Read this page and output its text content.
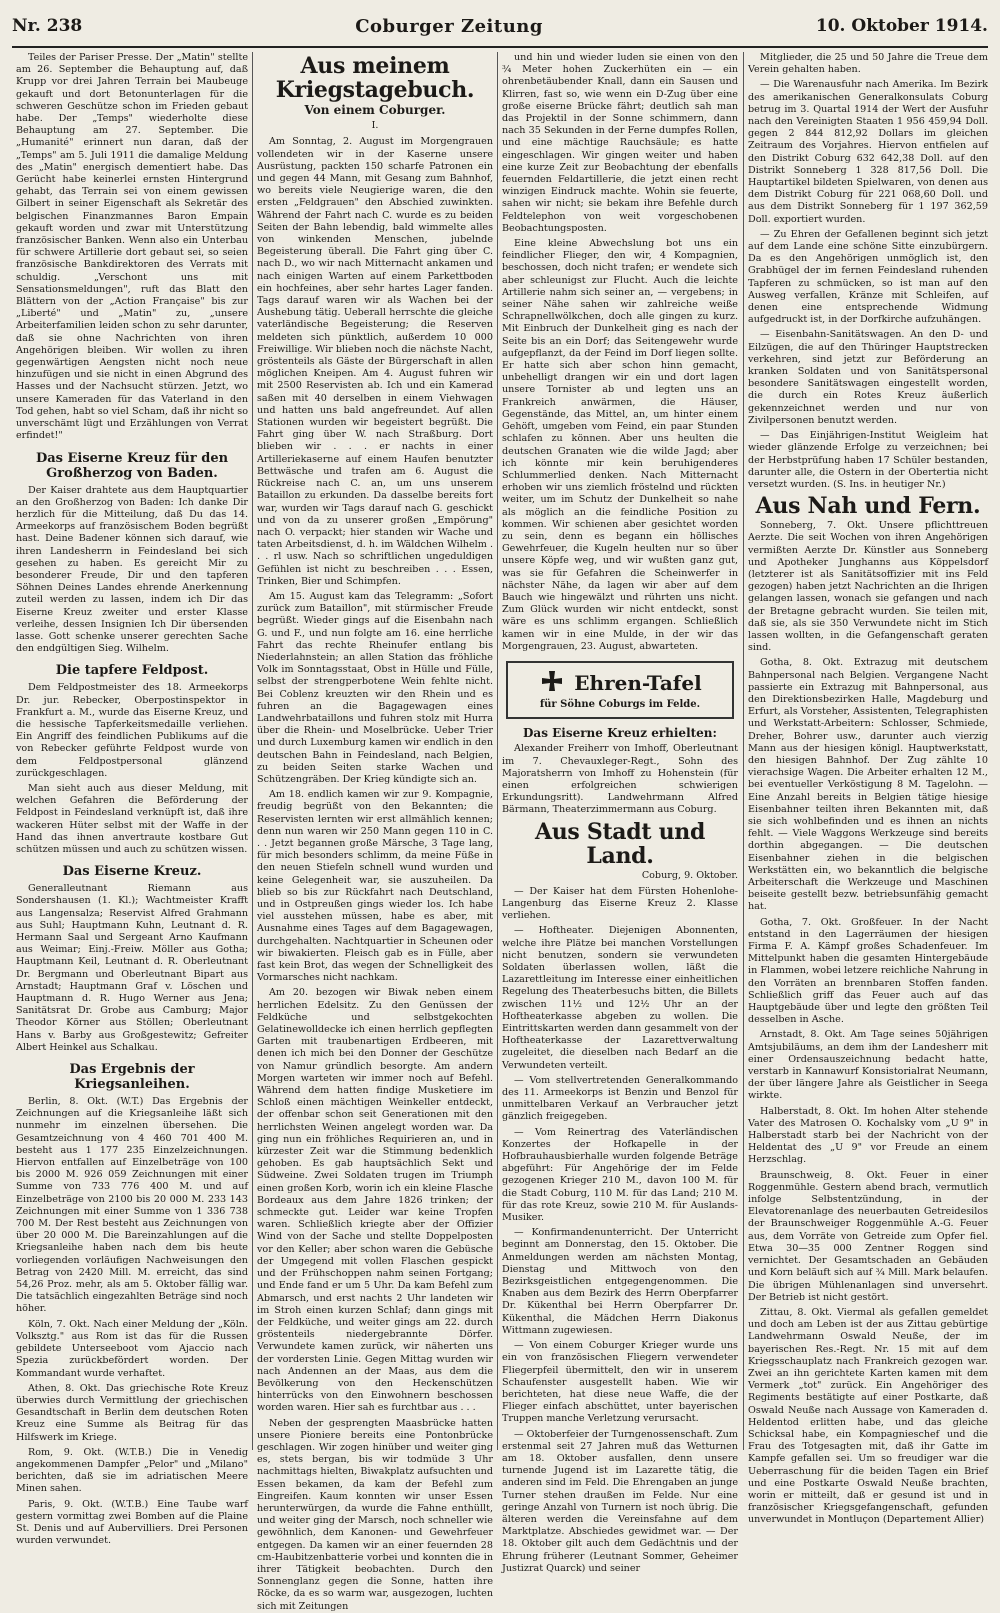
Nr. 238	Coburger Zeitung	10. Oktober 1914.

Teiles der Pariser Presse. Der „Matin" stellte am 26. September die Behauptung auf, daß Krupp vor drei Jahren Terrain bei Maubeuge gekauft und dort Betonunterlagen für die schweren Geschütze schon im Frieden gebaut habe. Der „Temps" wiederholte diese Behauptung am 27. September. Die „Humanité" erinnert nun daran, daß der „Temps" am 5. Juli 1911 die damalige Meldung des „Matin" energisch dementiert habe. Das Gerücht habe keinerlei ernsten Hintergrund gehabt, das Terrain sei von einem gewissen Gilbert in seiner Eigenschaft als Sekretär des belgischen Finanzmannes Baron Empain gekauft worden und zwar mit Unterstützung französischer Banken. Wenn also ein Unterbau für schwere Artillerie dort gebaut sei, so seien französische Bankdirektoren des Verrats mit schuldig. „Verschont uns mit Sensationsmeldungen", ruft das Blatt den Blättern von der „Action Française" bis zur „Liberté" und „Matin" zu, „unsere Arbeiterfamilien leiden schon zu sehr darunter, daß sie ohne Nachrichten von ihren Angehörigen bleiben. Wir wollen zu ihren gegenwärtigen Aengsten nicht noch neue hinzufügen und sie nicht in einen Abgrund des Hasses und der Nachsucht stürzen. Jetzt, wo unsere Kameraden für das Vaterland in den Tod gehen, habt so viel Scham, daß ihr nicht so unverschämt lügt und Erzählungen von Verrat erfindet!"

Das Eiserne Kreuz für den Großherzog von Baden.

Der Kaiser drahtete aus dem Hauptquartier an den Großherzog von Baden: Ich danke Dir herzlich für die Mitteilung, daß Du das 14. Armeekorps auf französischem Boden begrüßt hast. Deine Badener können sich darauf, wie ihren Landesherrn in Feindesland bei sich gesehen zu haben. Es gereicht Mir zu besonderer Freude, Dir und den tapferen Söhnen Deines Landes ehrende Anerkennung zuteil werden zu lassen, indem ich Dir das Eiserne Kreuz zweiter und erster Klasse verleihe, dessen Insignien Ich Dir übersenden lasse. Gott schenke unserer gerechten Sache den endgültigen Sieg. Wilhelm.

Die tapfere Feldpost.

Dem Feldpostmeister des 18. Armeekorps Dr. jur. Rebecker, Oberpostinspektor in Frankfurt a. M., wurde das Eiserne Kreuz, und die hessische Tapferkeitsmedaille verliehen. Ein Angriff des feindlichen Publikums auf die von Rebecker geführte Feldpost wurde von dem Feldpostpersonal glänzend zurückgeschlagen.

Man sieht auch aus dieser Meldung, mit welchen Gefahren die Beförderung der Feldpost in Feindesland verknüpft ist, daß ihre wackeren Hüter selbst mit der Waffe in der Hand das ihnen anvertraute kostbare Gut schützen müssen und auch zu schützen wissen.

Das Eiserne Kreuz.

Generalleutnant Riemann aus Sondershausen (1. Kl.); Wachtmeister Krafft aus Langensalza; Reservist Alfred Grahmann aus Suhl; Hauptmann Kuhn, Leutnant d. R. Hermann Saal und Sergeant Arno Kaufmann aus Weimar; Einj.-Freiw. Möller aus Gotha; Hauptmann Keil, Leutnant d. R. Oberleutnant Dr. Bergmann und Oberleutnant Bipart aus Arnstadt; Hauptmann Graf v. Löschen und Hauptmann d. R. Hugo Werner aus Jena; Sanitätsrat Dr. Grobe aus Camburg; Major Theodor Körner aus Stöllen; Oberleutnant Hans v. Barby aus Großgestewitz; Gefreiter Albert Heinkel aus Schalkau.

Das Ergebnis der Kriegsanleihen.

Berlin, 8. Okt. (W.T.) Das Ergebnis der Zeichnungen auf die Kriegsanleihe läßt sich nunmehr im einzelnen übersehen. Die Gesamtzeichnung von 4 460 701 400 M. besteht aus 1 177 235 Einzelzeichnungen. Hiervon entfallen auf Einzelbeträge von 100 bis 2000 M. 926 059 Zeichnungen mit einer Summe von 733 776 400 M. und auf Einzelbeträge von 2100 bis 20 000 M. 233 143 Zeichnungen mit einer Summe von 1 336 738 700 M. Der Rest besteht aus Zeichnungen von über 20 000 M. Die Bareinzahlungen auf die Kriegsanleihe haben nach dem bis heute vorliegenden vorläufigen Nachweisungen den Betrag von 2420 Mill. M. erreicht, das sind 54,26 Proz. mehr, als am 5. Oktober fällig war. Die tatsächlich eingezahlten Beträge sind noch höher.

Köln, 7. Okt. Nach einer Meldung der „Köln. Volksztg." aus Rom ist das für die Russen gebildete Unterseeboot vom Ajaccio nach Spezia zurückbefördert worden. Der Kommandant wurde verhaftet.

Athen, 8. Okt. Das griechische Rote Kreuz überwies durch Vermittlung der griechischen Gesandtschaft in Berlin dem deutschen Roten Kreuz eine Summe als Beitrag für das Hilfswerk im Kriege.

Rom, 9. Okt. (W.T.B.) Die in Venedig angekommenen Dampfer „Pelor" und „Milano" berichten, daß sie im adriatischen Meere Minen sahen.

Paris, 9. Okt. (W.T.B.) Eine Taube warf gestern vormittag zwei Bomben auf die Plaine St. Denis und auf Aubervilliers. Drei Personen wurden verwundet.

Aus meinem Kriegstagebuch.
Von einem Coburger.
I.

Am Sonntag, 2. August im Morgengrauen vollendeten wir in der Kaserne unsere Ausrüstung, packten 150 scharfe Patronen ein und gegen 44 Mann, mit Gesang zum Bahnhof, wo bereits viele Neugierige waren, die den ersten „Feldgrauen" den Abschied zuwinkten. Während der Fahrt nach C. wurde es zu beiden Seiten der Bahn lebendig, bald wimmelte alles von winkenden Menschen, jubelnde Begeisterung überall. Die Fahrt ging über C. nach D., wo wir nach Mitternacht ankamen und nach einigen Warten auf einem Parkettboden ein hochfeines, aber sehr hartes Lager fanden. Tags darauf waren wir als Wachen bei der Aushebung tätig. Ueberall herrschte die gleiche vaterländische Begeisterung; die Reserven meldeten sich pünktlich, außerdem 10 000 Freiwillige. Wir blieben noch die nächste Nacht, gröstenteils als Gäste der Bürgerschaft in allen möglichen Kneipen. Am 4. August fuhren wir mit 2500 Reservisten ab. Ich und ein Kamerad saßen mit 40 derselben in einem Viehwagen und hatten uns bald angefreundet. Auf allen Stationen wurden wir begeistert begrüßt. Die Fahrt ging über W. nach Straßburg. Dort blieben wir . . . er nachts in einer Artilleriekaserne auf einem Haufen benutzter Bettwäsche und trafen am 6. August die Rückreise nach C. an, um uns unserem Bataillon zu erkunden. Da dasselbe bereits fort war, wurden wir Tags darauf nach G. geschickt und von da zu unserer großen „Empörung" nach O. verpackt; hier standen wir Wache und taten Arbeitsdienst, d. h. im Wäldchen Wilhelm . . . rl usw. Nach so schriftlichen ungeduldigen Gefühlen ist nicht zu beschreiben . . . Essen, Trinken, Bier und Schimpfen.

Am 15. August kam das Telegramm: „Sofort zurück zum Bataillon", mit stürmischer Freude begrüßt. Wieder gings auf die Eisenbahn nach G. und F., und nun folgte am 16. eine herrliche Fahrt das rechte Rheinufer entlang bis Niederlahnstein; an allen Station das fröhliche Volk im Sonntagsstaat, Obst in Hülle und Fülle, selbst der strengperbotene Wein fehlte nicht. Bei Coblenz kreuzten wir den Rhein und es fuhren an die Bagagewagen eines Landwehrbataillons und fuhren stolz mit Hurra über die Rhein- und Moselbrücke. Ueber Trier und durch Luxemburg kamen wir endlich in den deutschen Bahn in Feindesland, nach Belgien, zu beiden Seiten starke Wachen und Schützengräben. Der Krieg kündigte sich an.

Am 18. endlich kamen wir zur 9. Kompagnie, freudig begrüßt von den Bekannten; die Reservisten lernten wir erst allmählich kennen; denn nun waren wir 250 Mann gegen 110 in C. . . Jetzt begannen große Märsche, 3 Tage lang, für mich besonders schlimm, da meine Füße in den neuen Stiefeln schnell wund wurden und keine Gelegenheit war, sie auszuheilen. Da blieb so bis zur Rückfahrt nach Deutschland, und in Ostpreußen gings wieder los. Ich habe viel ausstehen müssen, habe es aber, mit Ausnahme eines Tages auf dem Bagagewagen, durchgehalten. Nachtquartier in Scheunen oder wir biwakierten. Fleisch gab es in Fülle, aber fast kein Brot, das wegen der Schnelligkeit des Vormarsches nicht nachkam.

Am 20. bezogen wir Biwak neben einem herrlichen Edelsitz. Zu den Genüssen der Feldküche und selbstgekochten Gelatinewolldecke ich einen herrlich gepflegten Garten mit traubenartigen Erdbeeren, mit denen ich mich bei den Donner der Geschütze von Namur gründlich besorgte. Am andern Morgen warteten wir immer noch auf Befehl. Während dem hatten findige Musketiere im Schloß einen mächtigen Weinkeller entdeckt, der offenbar schon seit Generationen mit den herrlichsten Weinen angelegt worden war. Da ging nun ein fröhliches Requirieren an, und in kürzester Zeit war die Stimmung bedenklich gehoben. Es gab hauptsächlich Sekt und Südweine. Zwei Soldaten trugen im Triumph einen großen Korb, worin ich ein kleine Flasche Bordeaux aus dem Jahre 1826 trinken; der schmeckte gut. Leider war keine Tropfen waren. Schließlich kriegte aber der Offizier Wind von der Sache und stellte Doppelposten vor den Keller; aber schon waren die Gebüsche der Umgegend mit vollen Flaschen gespickt und der Frühschoppen nahm seinen Fortgang; und Ende fand er um 5 Uhr. Da kam Befehl zum Abmarsch, und erst nachts 2 Uhr landeten wir im Stroh einen kurzen Schlaf; dann gings mit der Feldküche, und weiter gings am 22. durch gröstenteils niedergebrannte Dörfer. Verwundete kamen zurück, wir näherten uns der vordersten Linie. Gegen Mittag wurden wir nach Andennen an der Maas, aus dem die Bevölkerung von den Heckenschützen hinterrücks von den Einwohnern beschossen worden waren. Hier sah es furchtbar aus . . .

Neben der gesprengten Maasbrücke hatten unsere Pioniere bereits eine Pontonbrücke geschlagen. Wir zogen hinüber und weiter ging es, stets bergan, bis wir todmüde 3 Uhr nachmittags hielten, Biwakplatz aufsuchten und Essen bekamen, da kam der Befehl zum Eingreifen. Kaum konnten wir unser Essen herunterwürgen, da wurde die Fahne enthüllt, und weiter ging der Marsch, noch schneller wie gewöhnlich, dem Kanonen- und Gewehrfeuer entgegen. Da kamen wir an einer feuernden 28 cm-Haubitzenbatterie vorbei und konnten die in ihrer Tätigkeit beobachten. Durch den Sonnenglanz gegen die Sonne, hatten ihre Röcke, da es so warm war, ausgezogen, luchten sich mit Zeitungen

und hin und wieder luden sie einen von den ¾ Meter hohen Zuckerhüten ein — ein ohrenbetäubender Knall, dann ein Sausen und Klirren, fast so, wie wenn ein D-Zug über eine große eiserne Brücke fährt; deutlich sah man das Projektil in der Sonne schimmern, dann nach 35 Sekunden in der Ferne dumpfes Rollen, und eine mächtige Rauchsäule; es hatte eingeschlagen. Wir gingen weiter und haben eine kurze Zeit zur Beobachtung der ebenfalls feuernden Feldartillerie, die jetzt einen recht winzigen Eindruck machte. Wohin sie feuerte, sahen wir nicht; sie bekam ihre Befehle durch Feldtelephon von weit vorgeschobenen Beobachtungsposten.

Eine kleine Abwechslung bot uns ein feindlicher Flieger, den wir, 4 Kompagnien, beschossen, doch nicht trafen; er wendete sich aber schleunigst zur Flucht. Auch die leichte Artillerie nahm sich seiner an, — vergebens; in seiner Nähe sahen wir zahlreiche weiße Schrapnellwölkchen, doch alle gingen zu kurz. Mit Einbruch der Dunkelheit ging es nach der Seite bis an ein Dorf; das Seitengewehr wurde aufgepflanzt, da der Feind im Dorf liegen sollte. Er hatte sich aber schon hinn gemacht, unbehelligt drangen wir ein und dort lagen unsere Tornister ab und legten uns an Frankreich anwärmen, die Häuser, Gegenstände, das Mittel, an, um hinter einem Gehöft, umgeben vom Feind, ein paar Stunden schlafen zu können. Aber uns heulten die deutschen Granaten wie die wilde Jagd; aber ich könnte mir kein beruhigenderes Schlummerlied denken. Nach Mitternacht erhoben wir uns ziemlich fröstelnd und rückten weiter, um im Schutz der Dunkelheit so nahe als möglich an die feindliche Position zu kommen. Wir schienen aber gesichtet worden zu sein, denn es begann ein höllisches Gewehrfeuer, die Kugeln heulten nur so über unsere Köpfe weg, und wir wußten ganz gut, was sie für Gefahren die Scheinwerfer in nächster Nähe, da lagen wir aber auf dem Bauch wie hingewälzt und rührten uns nicht. Zum Glück wurden wir nicht entdeckt, sonst wäre es uns schlimm ergangen. Schließlich kamen wir in eine Mulde, in der wir das Morgengrauen, 23. August, abwarteten.

Ehren-Tafel
für Söhne Coburgs im Felde.
Das Eiserne Kreuz erhielten:

Alexander Freiherr von Imhoff, Oberleutnant im 7. Chevauxleger-Regt., Sohn des Majoratsherrn von Imhoff zu Hohenstein (für einen erfolgreichen schwierigen Erkundungsritt). Landwehrmann Alfred Bärmann, Theaterzimmermann aus Coburg.

Aus Stadt und Land.
Coburg, 9. Oktober.

— Der Kaiser hat dem Fürsten Hohenlohe-Langenburg das Eiserne Kreuz 2. Klasse verliehen.

— Hoftheater. Diejenigen Abonnenten, welche ihre Plätze bei manchen Vorstellungen nicht benutzen, sondern sie verwundeten Soldaten überlassen wollen, läßt die Lazarettleitung im Interesse einer einheitlichen Regelung des Theaterbesuchs bitten, die Billets zwischen 11½ und 12½ Uhr an der Hoftheaterkasse abgeben zu wollen. Die Eintrittskarten werden dann gesammelt von der Hoftheaterkasse der Lazarettverwaltung zugeleitet, die dieselben nach Bedarf an die Verwundeten verteilt.

— Vom stellvertretenden Generalkommando des 11. Armeekorps ist Benzin und Benzol für unmittelbaren Verkauf an Verbraucher jetzt gänzlich freigegeben.

— Vom Reinertrag des Vaterländischen Konzertes der Hofkapelle in der Hofbrauhausbierhalle wurden folgende Beträge abgeführt: Für Angehörige der im Felde gezogenen Krieger 210 M., davon 100 M. für die Stadt Coburg, 110 M. für das Land; 210 M. für das rote Kreuz, sowie 210 M. für Auslands-Musiker.

— Konfirmandenunterricht. Der Unterricht beginnt am Donnerstag, den 15. Oktober. Die Anmeldungen werden am nächsten Montag, Dienstag und Mittwoch von den Bezirksgeistlichen entgegengenommen. Die Knaben aus dem Bezirk des Herrn Oberpfarrer Dr. Kükenthal bei Herrn Oberpfarrer Dr. Kükenthal, die Mädchen Herrn Diakonus Wittmann zugewiesen.

— Von einem Coburger Krieger wurde uns ein von französischen Fliegern verwendeter Fliegerpfeil übermittelt, den wir in unserem Schaufenster ausgestellt haben. Wie wir berichteten, hat diese neue Waffe, die der Flieger einfach abschüttet, unter bayerischen Truppen manche Verletzung verursacht.

— Oktoberfeier der Turngenossenschaft. Zum erstenmal seit 27 Jahren muß das Wetturnen am 18. Oktober ausfallen, denn unsere turnende Jugend ist im Lazarette tätig, die anderen sind im Feld. Die Ehrengaben an junge Turner stehen draußen im Felde. Nur eine geringe Anzahl von Turnern ist noch übrig. Die älteren werden die Vereinsfahne auf dem Marktplatze. Abschiedes gewidmet war. — Der 18. Oktober gilt auch dem Gedächtnis und der Ehrung früherer (Leutnant Sommer, Geheimer Justizrat Quarck) und seiner

Mitglieder, die 25 und 50 Jahre die Treue dem Verein gehalten haben.

— Die Warenausfuhr nach Amerika. Im Bezirk des amerikanischen Generalkonsulats Coburg betrug im 3. Quartal 1914 der Wert der Ausfuhr nach den Vereinigten Staaten 1 956 459,94 Doll. gegen 2 844 812,92 Dollars im gleichen Zeitraum des Vorjahres. Hiervon entfielen auf den Distrikt Coburg 632 642,38 Doll. auf den Distrikt Sonneberg 1 328 817,56 Doll. Die Hauptartikel bildeten Spielwaren, von denen aus dem Distrikt Coburg für 221 068,60 Doll. und aus dem Distrikt Sonneberg für 1 197 362,59 Doll. exportiert wurden.

— Zu Ehren der Gefallenen beginnt sich jetzt auf dem Lande eine schöne Sitte einzubürgern. Da es den Angehörigen unmöglich ist, den Grabhügel der im fernen Feindesland ruhenden Tapferen zu schmücken, so ist man auf den Ausweg verfallen, Kränze mit Schleifen, auf denen eine entsprechende Widmung aufgedruckt ist, in der Dorfkirche aufzuhängen.

— Eisenbahn-Sanitätswagen. An den D- und Eilzügen, die auf den Thüringer Hauptstrecken verkehren, sind jetzt zur Beförderung an kranken Soldaten und von Sanitätspersonal besondere Sanitätswagen eingestellt worden, die durch ein Rotes Kreuz äußerlich gekennzeichnet werden und nur von Zivilpersonen benutzt werden.

— Das Einjährigen-Institut Weigleim hat wieder glänzende Erfolge zu verzeichnen; bei der Herbstprüfung haben 17 Schüler bestanden, darunter alle, die Ostern in der Obertertia nicht versetzt wurden. (S. Ins. in heutiger Nr.)

Aus Nah und Fern.

Sonneberg, 7. Okt. Unsere pflichttreuen Aerzte. Die seit Wochen von ihren Angehörigen vermißten Aerzte Dr. Künstler aus Sonneberg und Apotheker Junghanns aus Köppelsdorf (letzterer ist als Sanitätsoffizier mit ins Feld gezogen) haben jetzt Nachrichten an die Ihrigen gelangen lassen, wonach sie gefangen und nach der Bretagne gebracht wurden. Sie teilen mit, daß sie, als sie 350 Verwundete nicht im Stich lassen wollten, in die Gefangenschaft geraten sind.

Gotha, 8. Okt. Extrazug mit deutschem Bahnpersonal nach Belgien. Vergangene Nacht passierte ein Extrazug mit Bahnpersonal, aus den Direktionsbezirken Halle, Magdeburg und Erfurt, als Vorsteher, Assistenten, Telegraphisten und Werkstatt-Arbeitern: Schlosser, Schmiede, Dreher, Bohrer usw., darunter auch vierzig Mann aus der hiesigen königl. Hauptwerkstatt, den hiesigen Bahnhof. Der Zug zählte 10 vierachsige Wagen. Die Arbeiter erhalten 12 M., bei eventueller Verköstigung 8 M. Tagelohn. — Eine Anzahl bereits in Belgien tätige hiesige Eisenbahner teilten ihren Bekannten mit, daß sie sich wohlbefinden und es ihnen an nichts fehlt. — Viele Waggons Werkzeuge sind bereits dorthin abgegangen. — Die deutschen Eisenbahner ziehen in die belgischen Werkstätten ein, wo bekanntlich die belgische Arbeiterschaft die Werkzeuge und Maschinen beiseite gestellt bezw. betriebsunfähig gemacht hat.

Gotha, 7. Okt. Großfeuer. In der Nacht entstand in den Lagerräumen der hiesigen Firma F. A. Kämpf großes Schadenfeuer. Im Mittelpunkt haben die gesamten Hintergebäude in Flammen, wobei letzere reichliche Nahrung in den Vorräten an brennbaren Stoffen fanden. Schließlich griff das Feuer auch auf das Hauptgebäude über und legte den größten Teil desselben in Asche.

Arnstadt, 8. Okt. Am Tage seines 50jährigen Amtsjubiläums, an dem ihm der Landesherr mit einer Ordensauszeichnung bedacht hatte, verstarb in Kannawurf Konsistorialrat Neumann, der über längere Jahre als Geistlicher in Seega wirkte.

Halberstadt, 8. Okt. Im hohen Alter stehende Vater des Matrosen O. Kochalsky vom „U 9" in Halberstadt starb bei der Nachricht von der Heldentat des „U 9" vor Freude an einem Herzschlag.

Braunschweig, 8. Okt. Feuer in einer Roggenmühle. Gestern abend brach, vermutlich infolge Selbstentzündung, in der Elevatorenanlage des neuerbauten Getreidesilos der Braunschweiger Roggenmühle A.-G. Feuer aus, dem Vorräte von Getreide zum Opfer fiel. Etwa 30—35 000 Zentner Roggen sind vernichtet. Der Gesamtschaden an Gebäuden und Korn beläuft sich auf ¾ Mill. Mark belaufen. Die übrigen Mühlenanlagen sind unversehrt. Der Betrieb ist nicht gestört.

Zittau, 8. Okt. Viermal als gefallen gemeldet und doch am Leben ist der aus Zittau gebürtige Landwehrmann Oswald Neuße, der im bayerischen Res.-Regt. Nr. 15 mit auf dem Kriegsschauplatz nach Frankreich gezogen war. Zwei an ihn gerichtete Karten kamen mit dem Vermerk „tot" zurück. Ein Angehöriger des Regiments bestätigte auf einer Postkarte, daß Oswald Neuße nach Aussage von Kameraden d. Heldentod erlitten habe, und das gleiche Schicksal habe, ein Kompagnieschef und die Frau des Totgesagten mit, daß ihr Gatte im Kampfe gefallen sei. Um so freudiger war die Ueberraschung für die beiden Tagen ein Brief und eine Postkarte Oswald Neuße brachten, worin er mitteilt, daß er gesund ist und in französischer Kriegsgefangenschaft, gefunden unverwundet in Montluçon (Departement Allier)
